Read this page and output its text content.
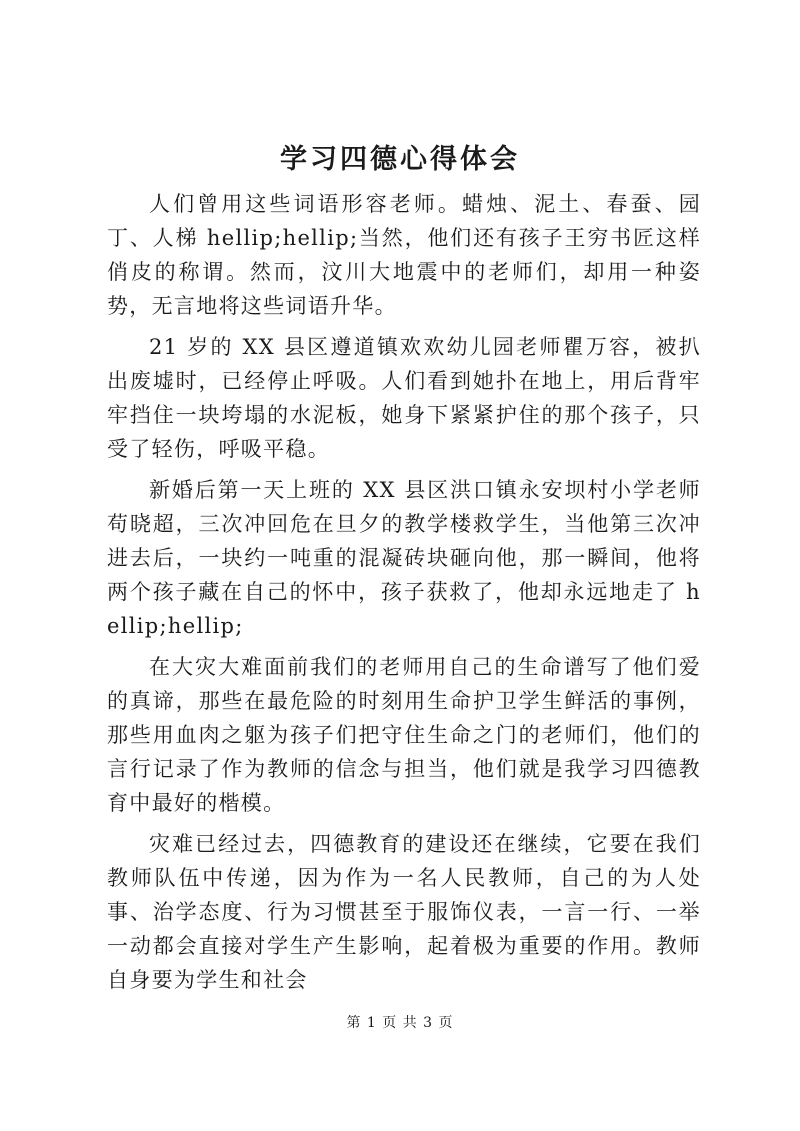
学习四德心得体会

人们曾用这些词语形容老师。蜡烛、泥土、春蚕、园丁、人梯 hellip;hellip;当然，他们还有孩子王穷书匠这样俏皮的称谓。然而，汶川大地震中的老师们，却用一种姿势，无言地将这些词语升华。

21 岁的 XX 县区遵道镇欢欢幼儿园老师瞿万容，被扒出废墟时，已经停止呼吸。人们看到她扑在地上，用后背牢牢挡住一块垮塌的水泥板，她身下紧紧护住的那个孩子，只受了轻伤，呼吸平稳。

新婚后第一天上班的 XX 县区洪口镇永安坝村小学老师苟晓超，三次冲回危在旦夕的教学楼救学生，当他第三次冲进去后，一块约一吨重的混凝砖块砸向他，那一瞬间，他将两个孩子藏在自己的怀中，孩子获救了，他却永远地走了 hellip;hellip;

在大灾大难面前我们的老师用自己的生命谱写了他们爱的真谛，那些在最危险的时刻用生命护卫学生鲜活的事例，那些用血肉之躯为孩子们把守住生命之门的老师们，他们的言行记录了作为教师的信念与担当，他们就是我学习四德教育中最好的楷模。

灾难已经过去，四德教育的建设还在继续，它要在我们教师队伍中传递，因为作为一名人民教师，自己的为人处事、治学态度、行为习惯甚至于服饰仪表，一言一行、一举一动都会直接对学生产生影响，起着极为重要的作用。教师自身要为学生和社会

第 1 页 共 3 页
